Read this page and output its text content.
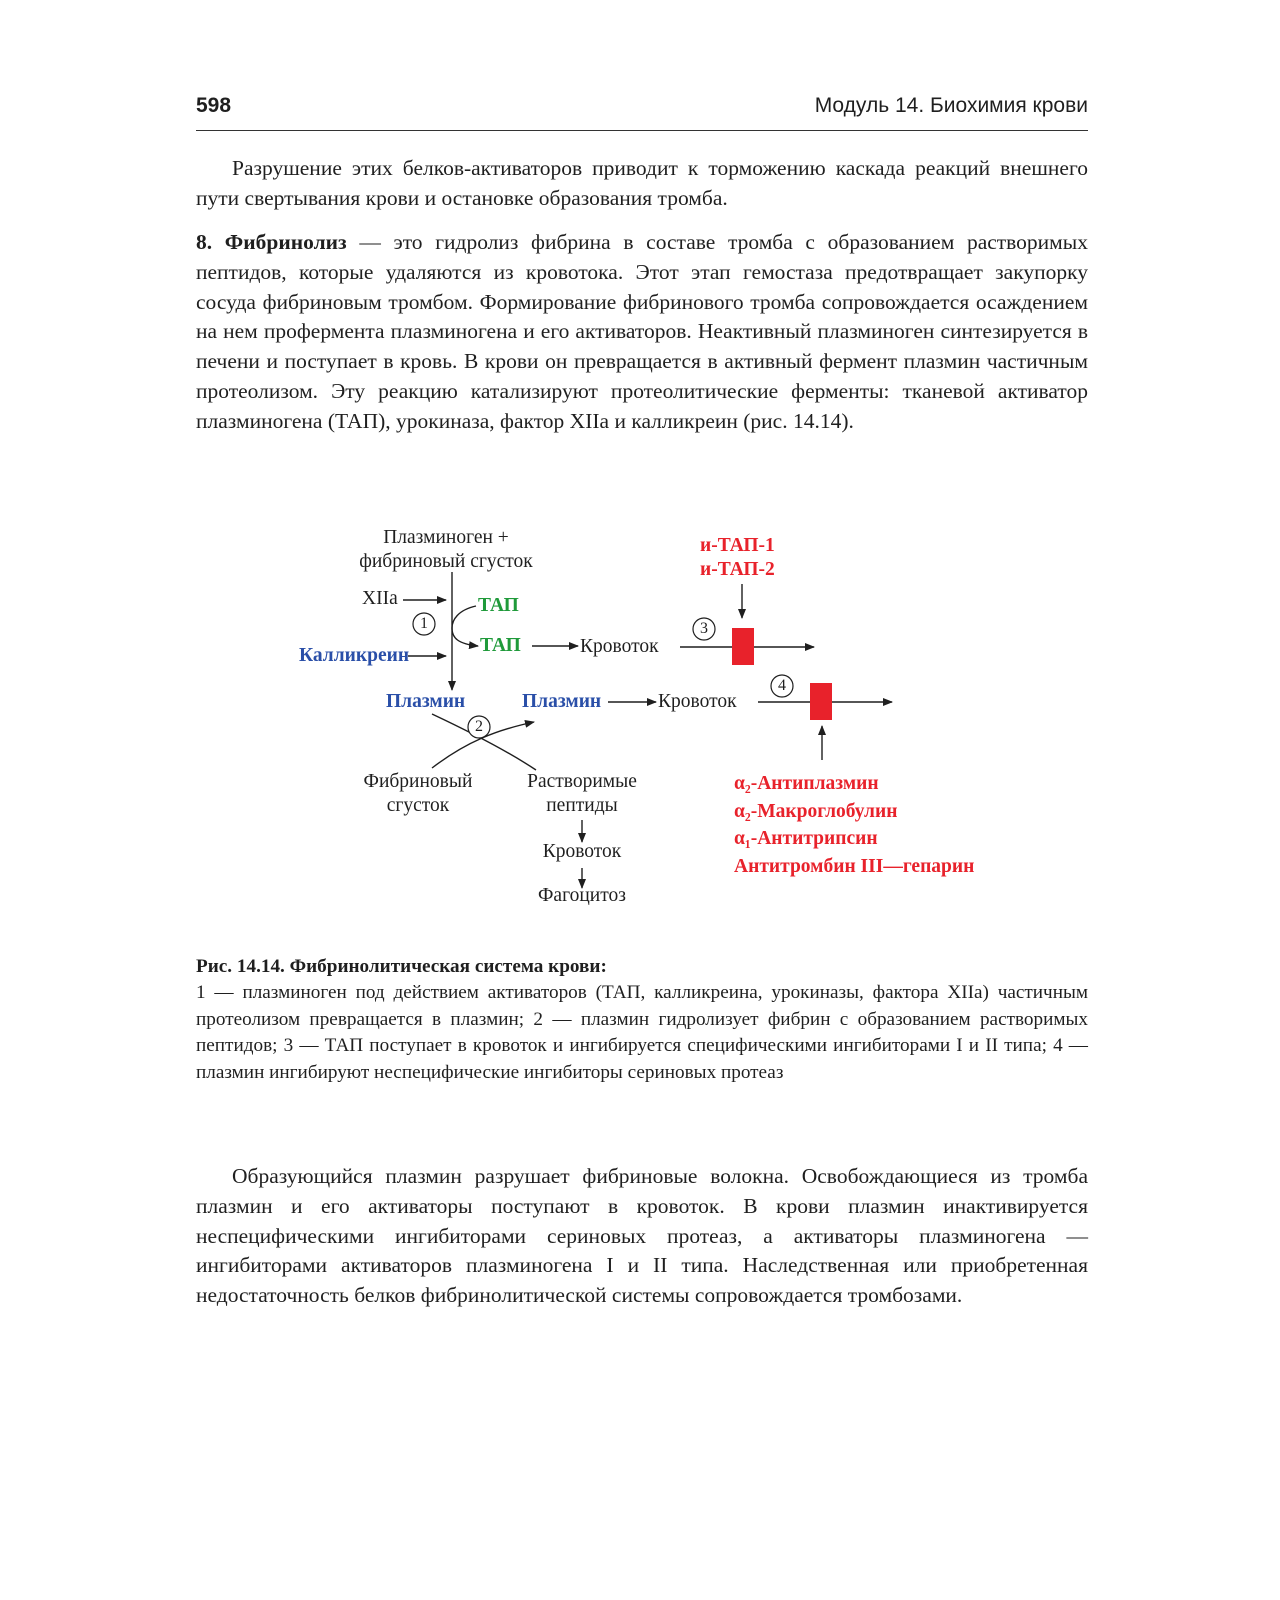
598	Модуль 14. Биохимия крови

Разрушение этих белков-активаторов приводит к торможению каскада реакций внешнего пути свертывания крови и остановке образования тромба.

8. Фибринолиз — это гидролиз фибрина в составе тромба с образованием растворимых пептидов, которые удаляются из кровотока. Этот этап гемостаза предотвращает закупорку сосуда фибриновым тромбом. Формирование фибринового тромба сопровождается осаждением на нем профермента плазминогена и его активаторов. Неактивный плазминоген синтезируется в печени и поступает в кровь. В крови он превращается в активный фермент плазмин частичным протеолизом. Эту реакцию катализируют протеолитические ферменты: тканевой активатор плазминогена (ТАП), урокиназа, фактор XIIa и калликреин (рис. 14.14).

Плазминоген +
фибриновый сгусток
XIIa
Калликреин
ТАП
ТАП	Кровоток
и-ТАП-1
и-ТАП-2
Плазмин	Плазмин	Кровоток
Фибриновый
сгусток
Растворимые
пептиды
Кровоток
Фагоцитоз
α₂-Антиплазмин
α₂-Макроглобулин
α₁-Антитрипсин
Антитромбин III—гепарин
1
2
3
4
Рис. 14.14. Фибринолитическая система крови:
1 — плазминоген под действием активаторов (ТАП, калликреина, урокиназы, фактора XIIa) частичным протеолизом превращается в плазмин; 2 — плазмин гидролизует фибрин с образованием растворимых пептидов; 3 — ТАП поступает в кровоток и ингибируется специфическими ингибиторами I и II типа; 4 — плазмин ингибируют неспецифические ингибиторы сериновых протеаз

Образующийся плазмин разрушает фибриновые волокна. Освобождающиеся из тромба плазмин и его активаторы поступают в кровоток. В крови плазмин инактивируется неспецифическими ингибиторами сериновых протеаз, а активаторы плазминогена — ингибиторами активаторов плазминогена I и II типа. Наследственная или приобретенная недостаточность белков фибринолитической системы сопровождается тромбозами.
